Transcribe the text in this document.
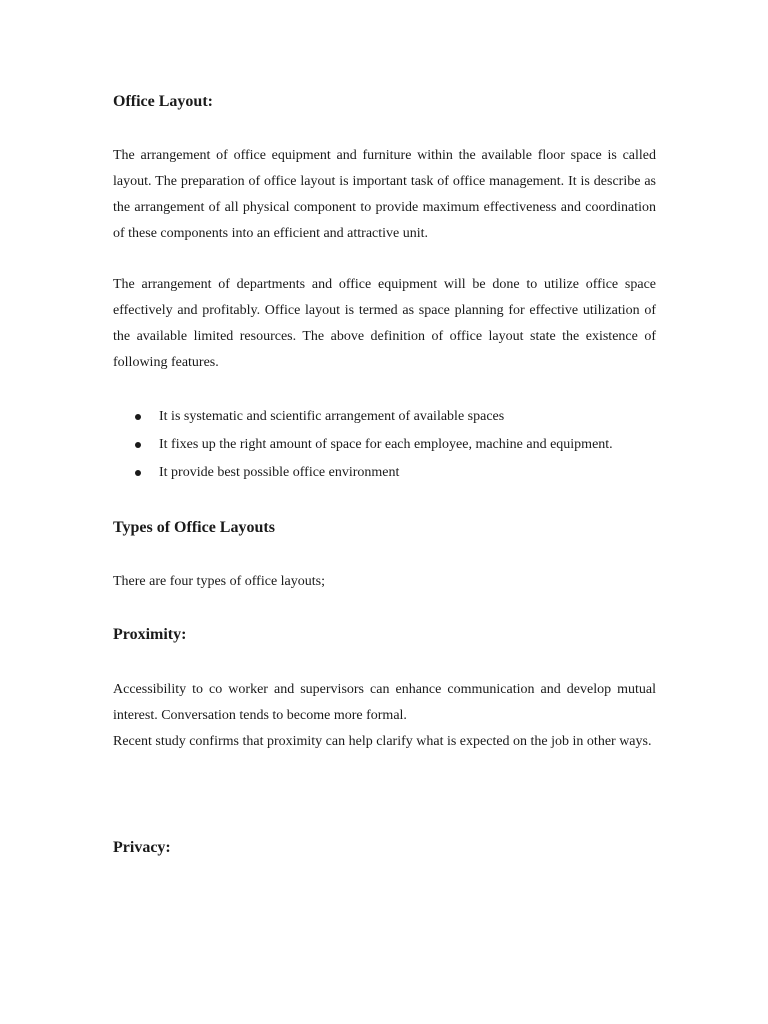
Office Layout:

The arrangement of office equipment and furniture within the available floor space is called layout. The preparation of office layout is important task of office management. It is describe as the arrangement of all physical component to provide maximum effectiveness and coordination of these components into an efficient and attractive unit.

The arrangement of departments and office equipment will be done to utilize office space effectively and profitably. Office layout is termed as space planning for effective utilization of the available limited resources. The above definition of office layout state the existence of following features.

It is systematic and scientific arrangement of available spaces
It fixes up the right amount of space for each employee, machine and equipment.
It provide best possible office environment
Types of Office Layouts

There are four types of office layouts;

Proximity:

Accessibility to co worker and supervisors can enhance communication and develop mutual interest. Conversation tends to become more formal.

Recent study confirms that proximity can help clarify what is expected on the job in other ways.

Privacy:
